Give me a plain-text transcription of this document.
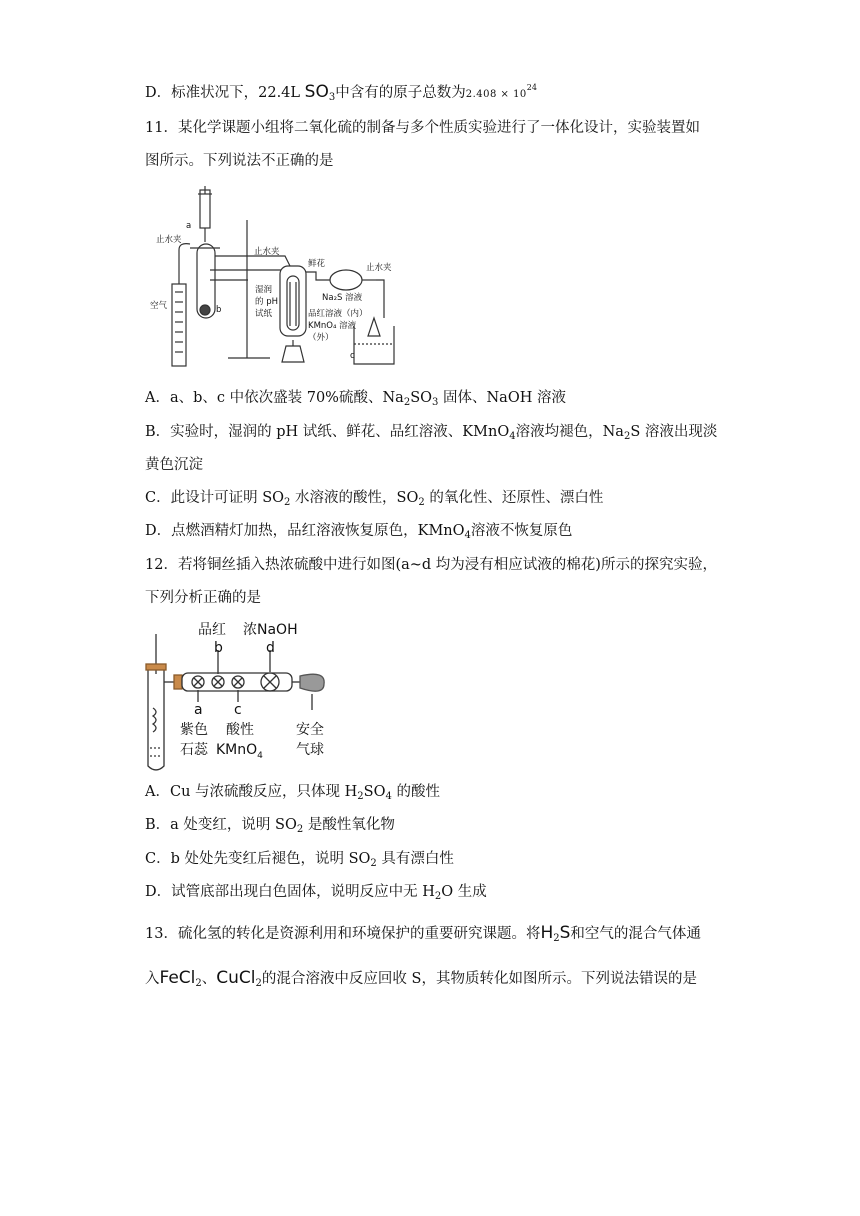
D．标准状况下，22.4L $SO_3$中含有的原子总数为$2.408 \times 10^{24}$
11．某化学课题小组将二氧化硫的制备与多个性质实验进行了一体化设计，实验装置如
图所示。下列说法不正确的是
a
止水夹
空气	b
止水夹
湿润
的 pH
试纸
鲜花	止水夹
Na₂S 溶液
品红溶液（内）
KMnO₄ 溶液
（外）
c
A．a、b、c 中依次盛装 70%硫酸、$Na_2SO_3$ 固体、NaOH 溶液
B．实验时，湿润的 pH 试纸、鲜花、品红溶液、KMnO$_4$溶液均褪色，$Na_2S$ 溶液出现淡
黄色沉淀
C．此设计可证明 $SO_2$ 水溶液的酸性，$SO_2$ 的氧化性、还原性、漂白性
D．点燃酒精灯加热，品红溶液恢复原色，KMnO$_4$溶液不恢复原色
12．若将铜丝插入热浓硫酸中进行如图(a~d 均为浸有相应试液的棉花)所示的探究实验，
下列分析正确的是
品红 浓NaOH
b	d
a c
紫色
石蕊
酸性
KMnO$_4$
安全
气球
A．Cu 与浓硫酸反应，只体现 $H_2SO_4$ 的酸性
B．a 处变红，说明 $SO_2$ 是酸性氧化物
C．b 处处先变红后褪色，说明 $SO_2$ 具有漂白性
D．试管底部出现白色固体，说明反应中无 $H_2O$ 生成
13．硫化氢的转化是资源利用和环境保护的重要研究课题。将$H_2S$和空气的混合气体通
入FeCl$_2$、CuCl$_2$的混合溶液中反应回收 S，其物质转化如图所示。下列说法错误的是
